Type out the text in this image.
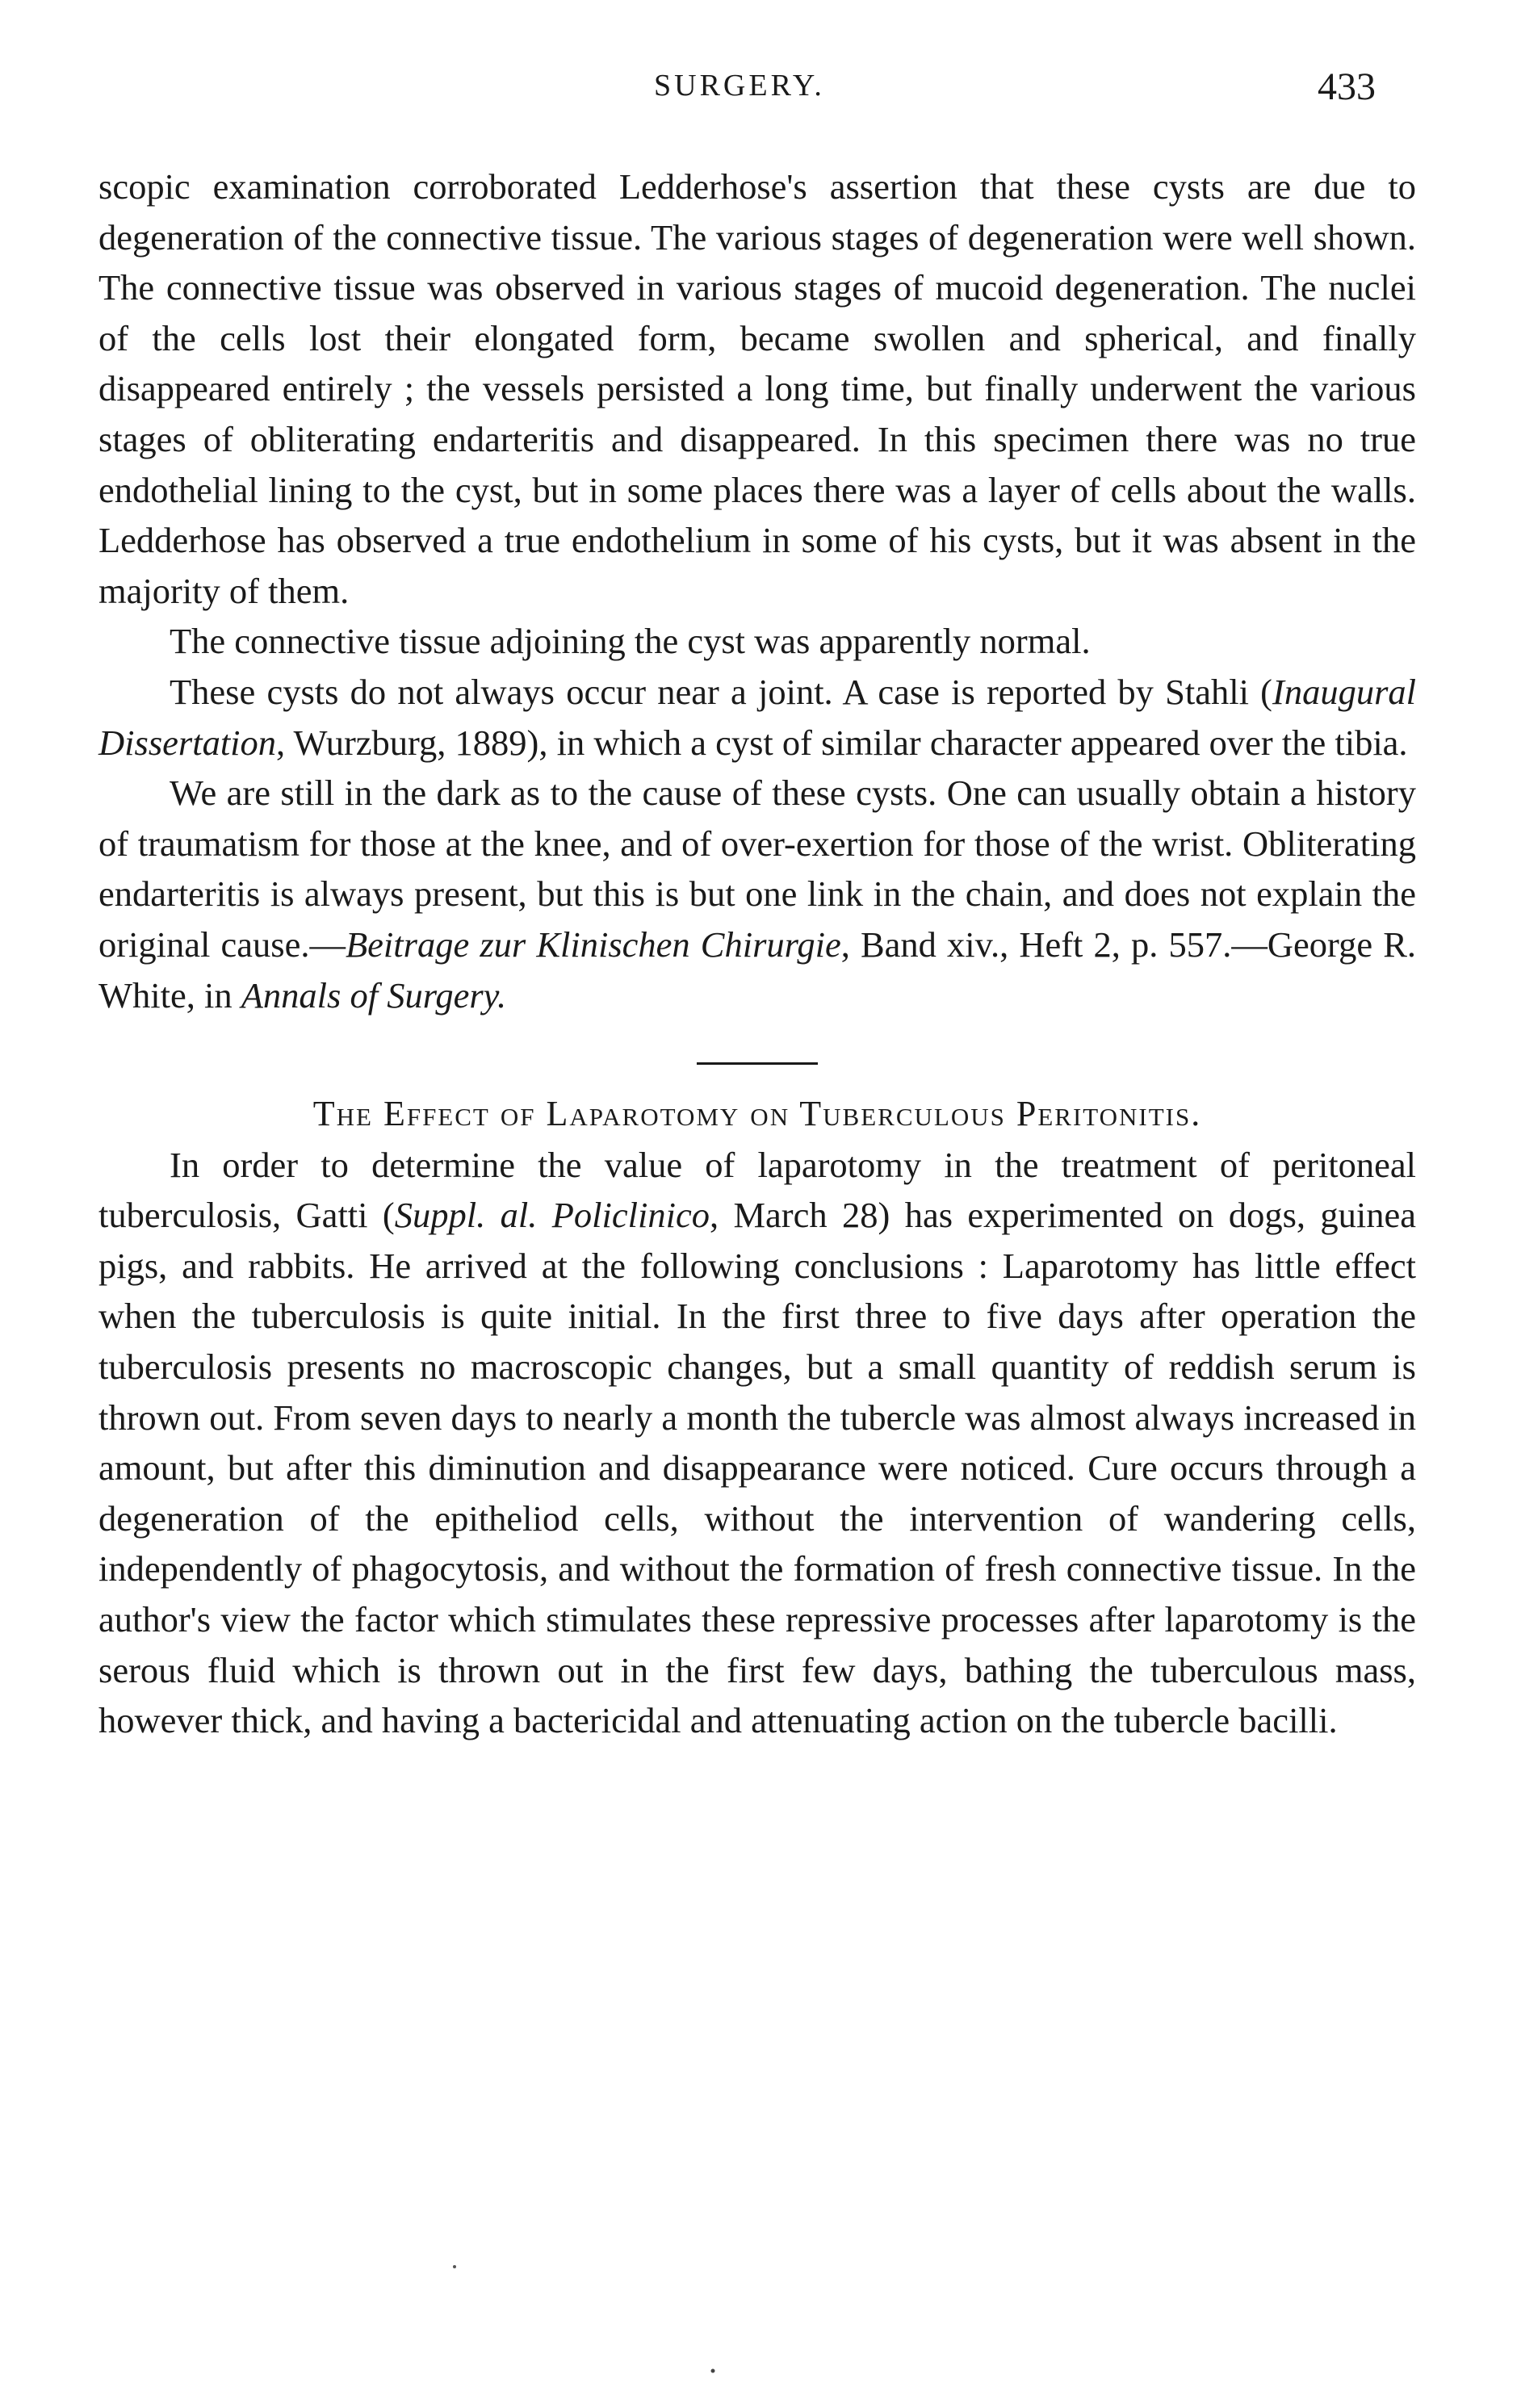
SURGERY.	433

scopic examination corroborated Ledderhose's assertion that these cysts are due to degeneration of the connective tissue. The various stages of degeneration were well shown. The connective tissue was observed in various stages of mucoid degeneration. The nuclei of the cells lost their elongated form, became swollen and spherical, and finally disappeared entirely ; the vessels persisted a long time, but finally underwent the various stages of obliterating endarteritis and disappeared. In this specimen there was no true endothelial lining to the cyst, but in some places there was a layer of cells about the walls. Ledderhose has observed a true endothelium in some of his cysts, but it was absent in the majority of them.

The connective tissue adjoining the cyst was apparently normal.

These cysts do not always occur near a joint. A case is reported by Stahli (Inaugural Dissertation, Wurzburg, 1889), in which a cyst of similar character appeared over the tibia.

We are still in the dark as to the cause of these cysts. One can usually obtain a history of traumatism for those at the knee, and of over-exertion for those of the wrist. Obliterating endarteritis is always present, but this is but one link in the chain, and does not explain the original cause.—Beitrage zur Klinischen Chirurgie, Band xiv., Heft 2, p. 557.—George R. White, in Annals of Surgery.

The Effect of Laparotomy on Tuberculous Peritonitis.

In order to determine the value of laparotomy in the treatment of peritoneal tuberculosis, Gatti (Suppl. al. Policlinico, March 28) has experimented on dogs, guinea pigs, and rabbits. He arrived at the following conclusions : Laparotomy has little effect when the tuberculosis is quite initial. In the first three to five days after operation the tuberculosis presents no macroscopic changes, but a small quantity of reddish serum is thrown out. From seven days to nearly a month the tubercle was almost always increased in amount, but after this diminution and disappearance were noticed. Cure occurs through a degeneration of the epitheliod cells, without the intervention of wandering cells, independently of phagocytosis, and without the formation of fresh connective tissue. In the author's view the factor which stimulates these repressive processes after laparotomy is the serous fluid which is thrown out in the first few days, bathing the tuberculous mass, however thick, and having a bactericidal and attenuating action on the tubercle bacilli.
